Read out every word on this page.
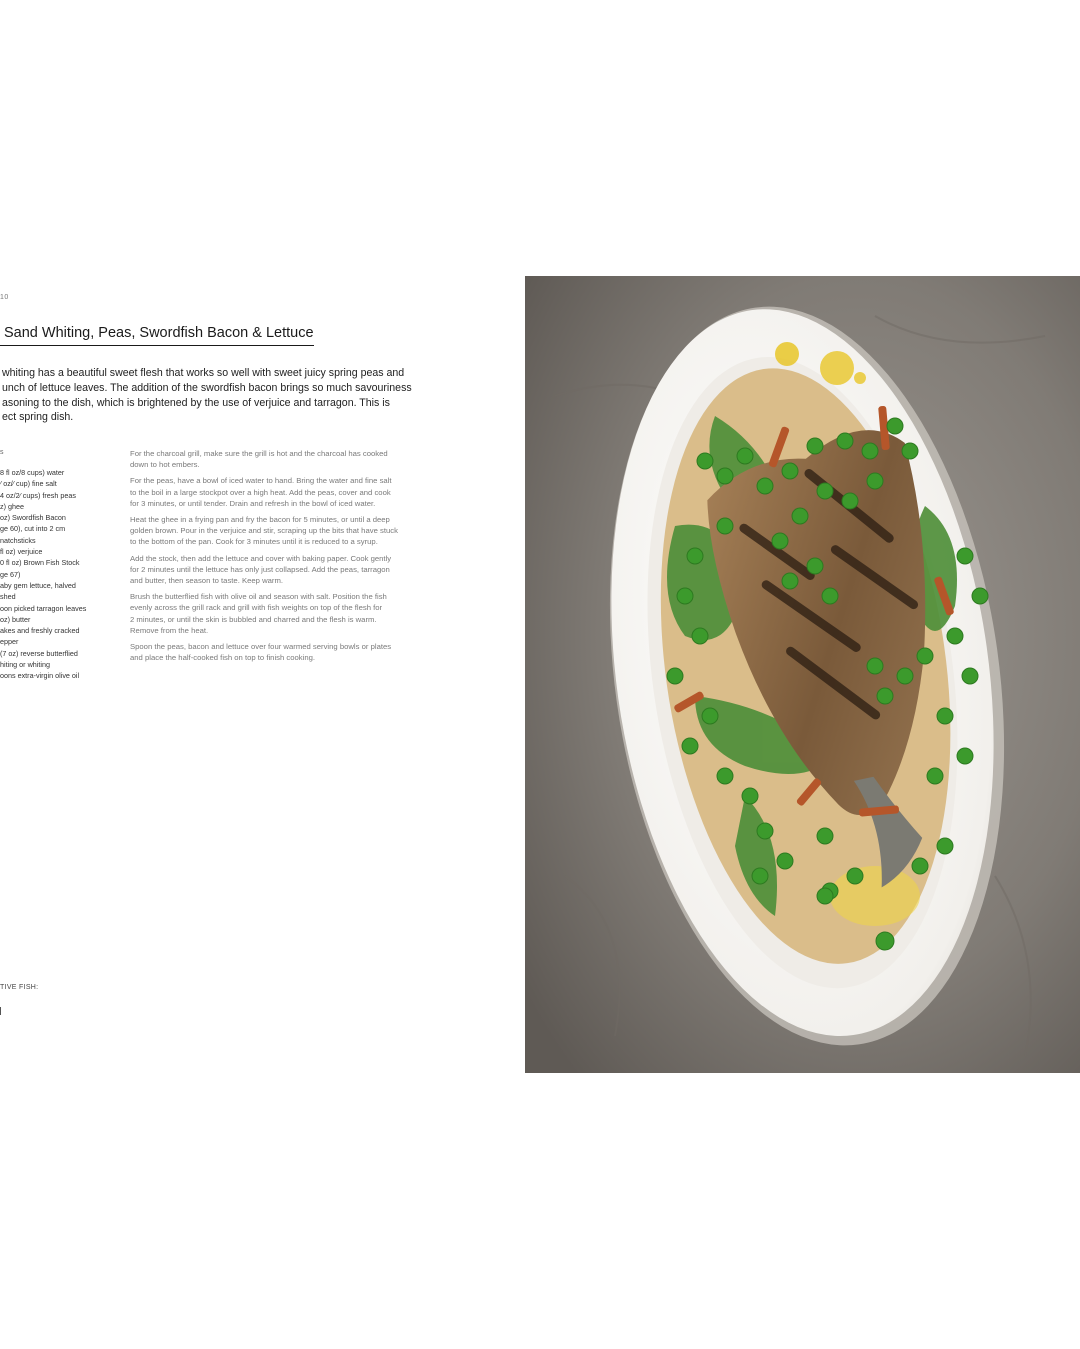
10
Sand Whiting, Peas, Swordfish Bacon & Lettuce

whiting has a beautiful sweet flesh that works so well with sweet juicy spring peas and
unch of lettuce leaves. The addition of the swordfish bacon brings so much savouriness
asoning to the dish, which is brightened by the use of verjuice and tarragon. This is
ect spring dish.

s
8 fl oz/8 cups) water
⁄ oz/⁄ cup) fine salt
4 oz/2⁄ cups) fresh peas
z) ghee
oz) Swordfish Bacon
ge 60), cut into 2 cm
natchsticks
fl oz) verjuice
0 fl oz) Brown Fish Stock
ge 67)
aby gem lettuce, halved
shed
oon picked tarragon leaves
oz) butter
akes and freshly cracked
epper
(7 oz) reverse butterflied
hiting or whiting
oons extra-virgin olive oil

For the charcoal grill, make sure the grill is hot and the charcoal has cooked
down to hot embers.

For the peas, have a bowl of iced water to hand. Bring the water and fine salt
to the boil in a large stockpot over a high heat. Add the peas, cover and cook
for 3 minutes, or until tender. Drain and refresh in the bowl of iced water.

Heat the ghee in a frying pan and fry the bacon for 5 minutes, or until a deep
golden brown. Pour in the verjuice and stir, scraping up the bits that have stuck
to the bottom of the pan. Cook for 3 minutes until it is reduced to a syrup.

Add the stock, then add the lettuce and cover with baking paper. Cook gently
for 2 minutes until the lettuce has only just collapsed. Add the peas, tarragon
and butter, then season to taste. Keep warm.

Brush the butterflied fish with olive oil and season with salt. Position the fish
evenly across the grill rack and grill with fish weights on top of the flesh for
2 minutes, or until the skin is bubbled and charred and the flesh is warm.
Remove from the heat.

Spoon the peas, bacon and lettuce over four warmed serving bowls or plates
and place the half-cooked fish on top to finish cooking.

TIVE FISH:
